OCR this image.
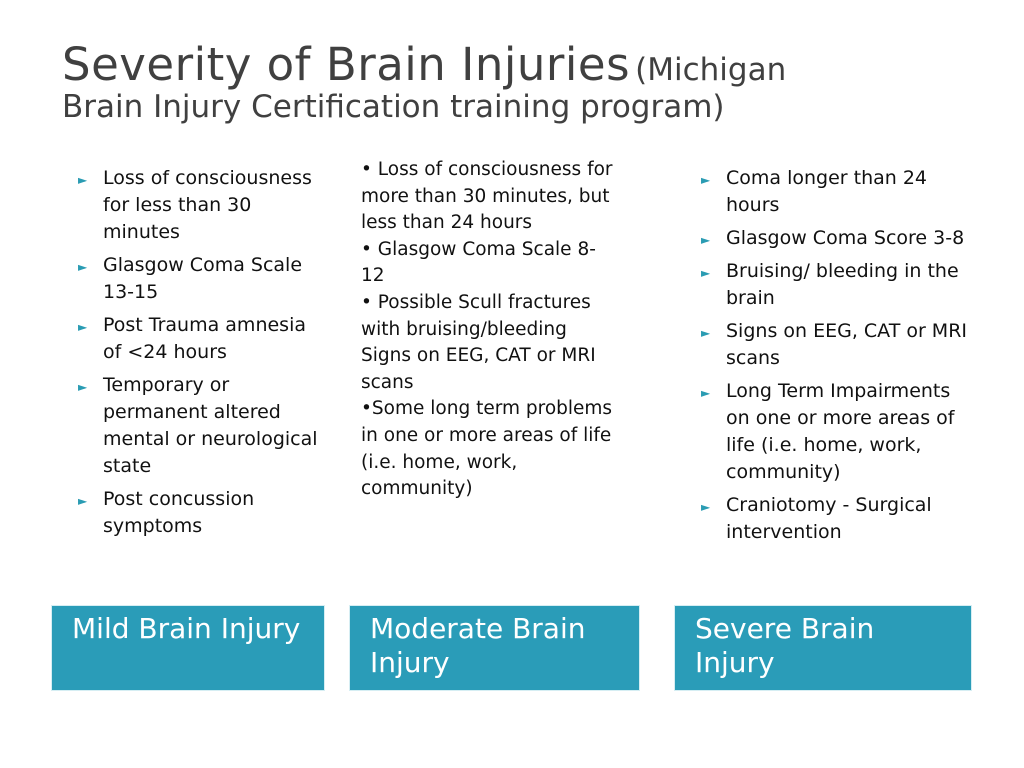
Severity of Brain Injuries (Michigan
Brain Injury Certification training program)
► Loss of consciousness for less than 30 minutes
► Glasgow Coma Scale 13-15
► Post Trauma amnesia of <24 hours
► Temporary or permanent altered mental or neurological state
► Post concussion symptoms

• Loss of consciousness for more than 30 minutes, but less than 24 hours

• Glasgow Coma Scale 8-12

• Possible Scull fractures with bruising/bleeding Signs on EEG, CAT or MRI scans

•Some long term problems in one or more areas of life (i.e. home, work, community)

► Coma longer than 24 hours
► Glasgow Coma Score 3-8
► Bruising/ bleeding in the brain
► Signs on EEG, CAT or MRI scans
► Long Term Impairments on one or more areas of life (i.e. home, work, community)
► Craniotomy - Surgical intervention
Mild Brain Injury	Moderate Brain Injury
Severe Brain Injury
